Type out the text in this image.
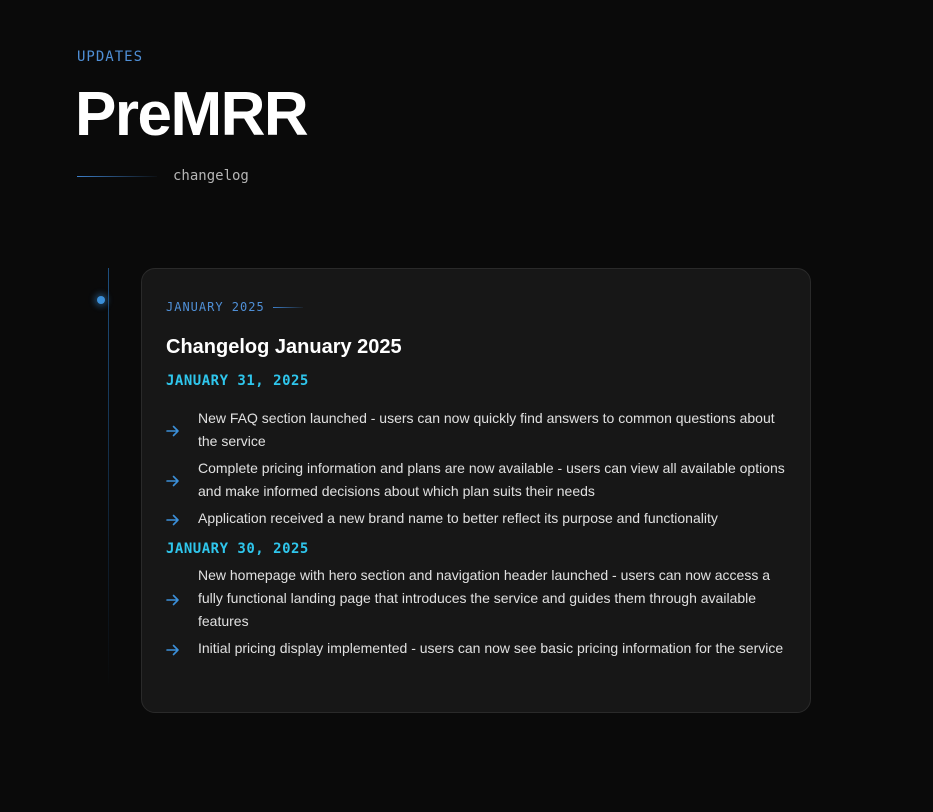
UPDATES
PreMRR
changelog
JANUARY 2025
Changelog January 2025
JANUARY 31, 2025
New FAQ section launched - users can now quickly find answers to common questions about the service
Complete pricing information and plans are now available - users can view all available options and make informed decisions about which plan suits their needs
Application received a new brand name to better reflect its purpose and functionality
JANUARY 30, 2025
New homepage with hero section and navigation header launched - users can now access a fully functional landing page that introduces the service and guides them through available features
Initial pricing display implemented - users can now see basic pricing information for the service
